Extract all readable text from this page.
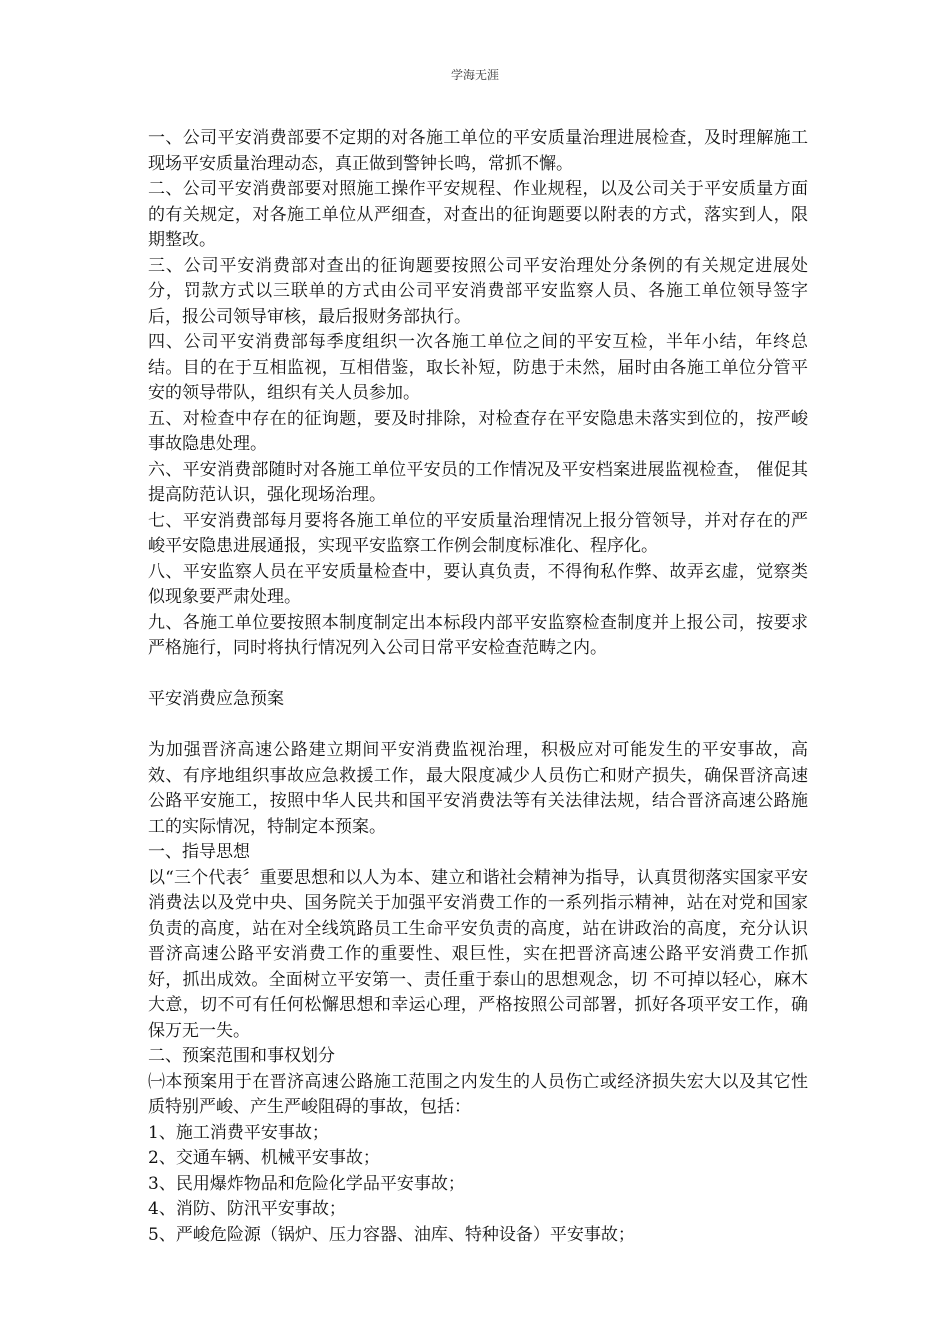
学海无涯

一、公司平安消费部要不定期的对各施工单位的平安质量治理进展检查，及时理解施工现场平安质量治理动态，真正做到警钟长鸣，常抓不懈。

二、公司平安消费部要对照施工操作平安规程、作业规程，以及公司关于平安质量方面的有关规定，对各施工单位从严细查，对查出的征询题要以附表的方式，落实到人，限期整改。

三、公司平安消费部对查出的征询题要按照公司平安治理处分条例的有关规定进展处分，罚款方式以三联单的方式由公司平安消费部平安监察人员、各施工单位领导签字后，报公司领导审核，最后报财务部执行。

四、公司平安消费部每季度组织一次各施工单位之间的平安互检，半年小结，年终总结。目的在于互相监视，互相借鉴，取长补短，防患于未然，届时由各施工单位分管平安的领导带队，组织有关人员参加。

五、对检查中存在的征询题，要及时排除，对检查存在平安隐患未落实到位的，按严峻事故隐患处理。

六、平安消费部随时对各施工单位平安员的工作情况及平安档案进展监视检查， 催促其提高防范认识，强化现场治理。

七、平安消费部每月要将各施工单位的平安质量治理情况上报分管领导，并对存在的严峻平安隐患进展通报，实现平安监察工作例会制度标准化、程序化。

八、平安监察人员在平安质量检查中，要认真负责，不得徇私作弊、故弄玄虚，觉察类似现象要严肃处理。

九、各施工单位要按照本制度制定出本标段内部平安监察检查制度并上报公司，按要求严格施行，同时将执行情况列入公司日常平安检查范畴之内。

平安消费应急预案

为加强晋济高速公路建立期间平安消费监视治理，积极应对可能发生的平安事故，高效、有序地组织事故应急救援工作，最大限度减少人员伤亡和财产损失，确保晋济高速公路平安施工，按照中华人民共和国平安消费法等有关法律法规，结合晋济高速公路施工的实际情况，特制定本预案。

一、指导思想

以“三个代表〞重要思想和以人为本、建立和谐社会精神为指导，认真贯彻落实国家平安消费法以及党中央、国务院关于加强平安消费工作的一系列指示精神，站在对党和国家负责的高度，站在对全线筑路员工生命平安负责的高度，站在讲政治的高度，充分认识晋济高速公路平安消费工作的重要性、艰巨性，实在把晋济高速公路平安消费工作抓好，抓出成效。全面树立平安第一、责任重于泰山的思想观念，切 不可掉以轻心，麻木大意，切不可有任何松懈思想和幸运心理，严格按照公司部署，抓好各项平安工作，确保万无一失。

二、预案范围和事权划分

㈠本预案用于在晋济高速公路施工范围之内发生的人员伤亡或经济损失宏大以及其它性质特别严峻、产生严峻阻碍的事故，包括：

1、施工消费平安事故；

2、交通车辆、机械平安事故；

3、民用爆炸物品和危险化学品平安事故；

4、消防、防汛平安事故；

5、严峻危险源（锅炉、压力容器、油库、特种设备）平安事故；
